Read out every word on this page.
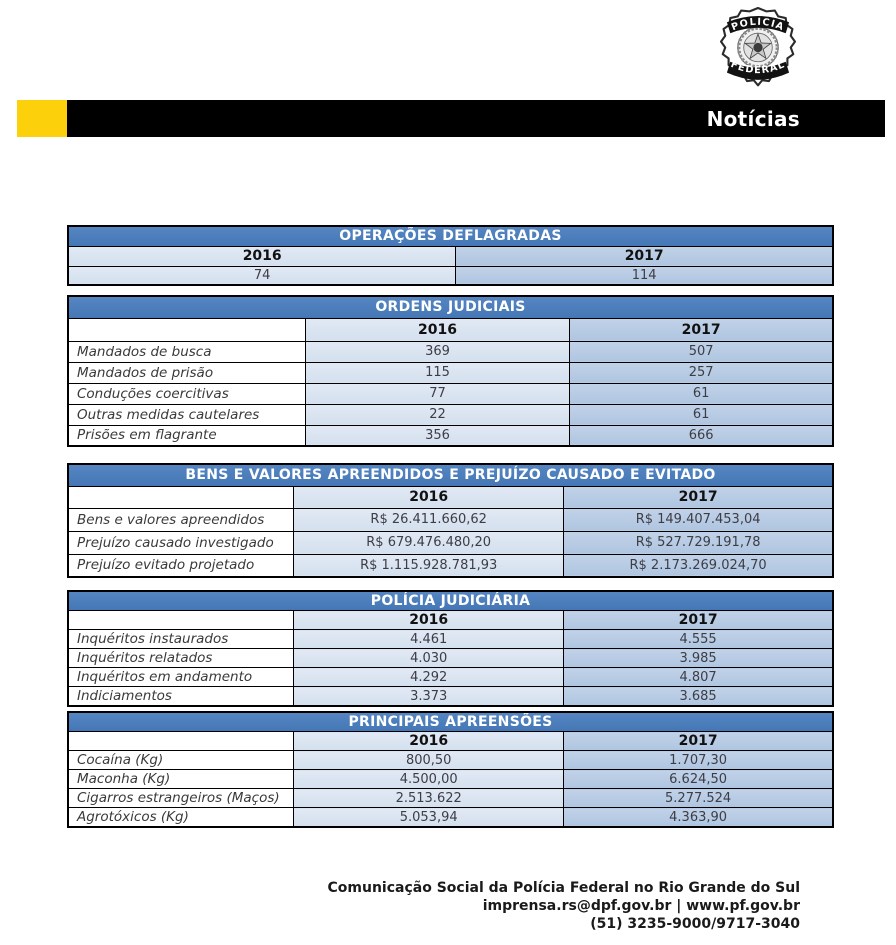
POLICIA
FEDERAL
Notícias
OPERAÇÕES DEFLAGRADAS	
2016	2017
74	114
ORDENS JUDICIAIS		
	2016	2017
Mandados de busca	369	507
Mandados de prisão	115	257
Conduções coercitivas	77	61
Outras medidas cautelares	22	61
Prisões em flagrante	356	666
BENS E VALORES APREENDIDOS E PREJUÍZO CAUSADO E EVITADO		
	2016	2017
Bens e valores apreendidos	R$ 26.411.660,62	R$ 149.407.453,04
Prejuízo causado investigado	R$ 679.476.480,20	R$ 527.729.191,78
Prejuízo evitado projetado	R$ 1.115.928.781,93	R$ 2.173.269.024,70
POLÍCIA JUDICIÁRIA		
	2016	2017
Inquéritos instaurados	4.461	4.555
Inquéritos relatados	4.030	3.985
Inquéritos em andamento	4.292	4.807
Indiciamentos	3.373	3.685
PRINCIPAIS APREENSÕES		
	2016	2017
Cocaína (Kg)	800,50	1.707,30
Maconha (Kg)	4.500,00	6.624,50
Cigarros estrangeiros (Maços)	2.513.622	5.277.524
Agrotóxicos (Kg)	5.053,94	4.363,90
Comunicação Social da Polícia Federal no Rio Grande do Sul
imprensa.rs@dpf.gov.br | www.pf.gov.br
(51) 3235-9000/9717-3040
